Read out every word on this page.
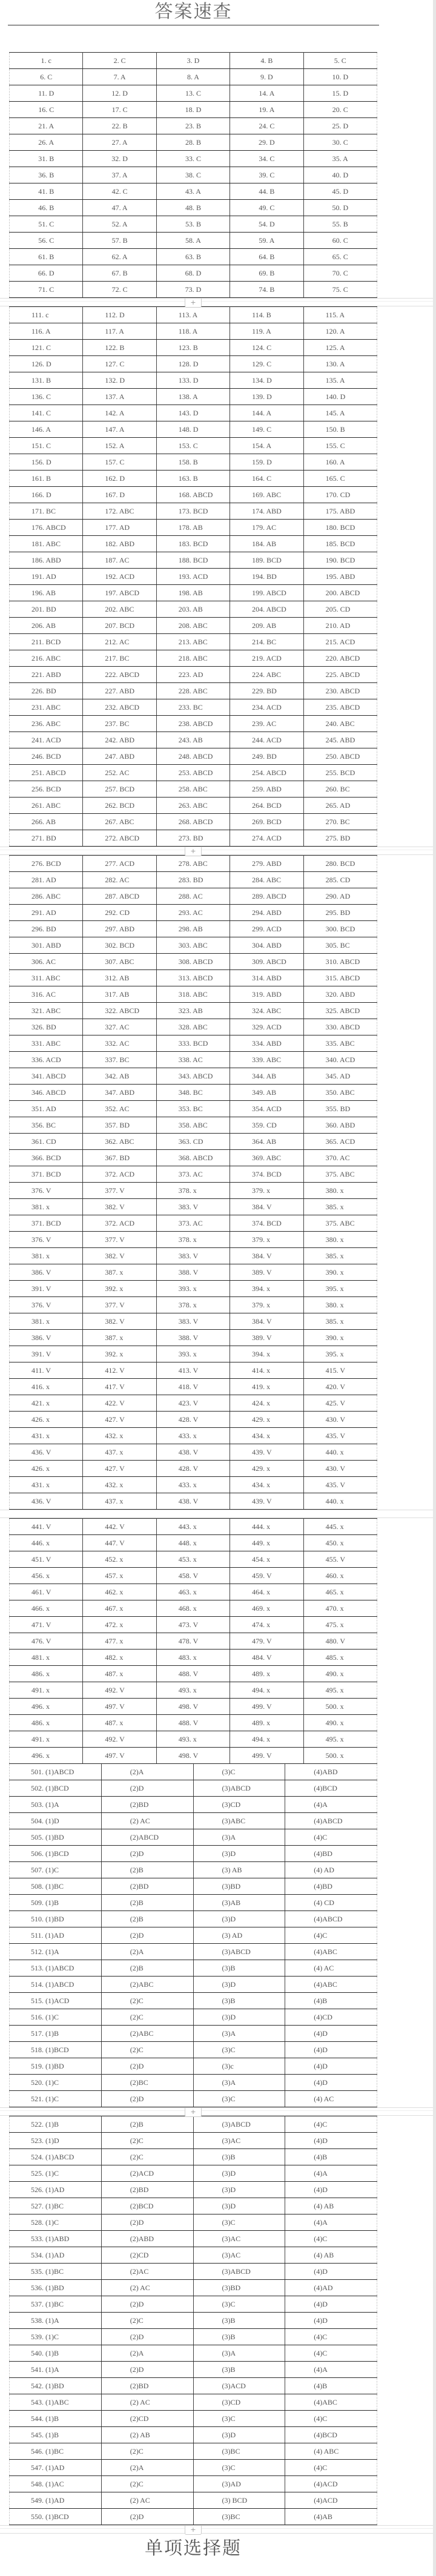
答案速查
1. c	2. C	3. D	4. B	5. C
6. C	7. A	8. A	9. D	10. D
11. D	12. D	13. C	14. A	15. D
16. C	17. C	18. D	19. A	20. C
21. A	22. B	23. B	24. C	25. D
26. A	27. A	28. B	29. D	30. C
31. B	32. D	33. C	34. C	35. A
36. B	37. A	38. C	39. C	40. D
41. B	42. C	43. A	44. B	45. D
46. B	47. A	48. B	49. C	50. D
51. C	52. A	53. B	54. D	55. B
56. C	57. B	58. A	59. A	60. C
61. B	62. A	63. B	64. B	65. C
66. D	67. B	68. D	69. B	70. C
71. C	72. C	73. D	74. B	75. C
+
111. c	112. D	113. A	114. B	115. A
116. A	117. A	118. A	119. A	120. A
121. C	122. B	123. B	124. C	125. A
126. D	127. C	128. D	129. C	130. A
131. B	132. D	133. D	134. D	135. A
136. C	137. A	138. A	139. D	140. D
141. C	142. A	143. D	144. A	145. A
146. A	147. A	148. D	149. C	150. B
151. C	152. A	153. C	154. A	155. C
156. D	157. C	158. B	159. D	160. A
161. B	162. D	163. B	164. C	165. C
166. D	167. D	168. ABCD	169. ABC	170. CD
171. BC	172. ABC	173. BCD	174. ABD	175. ABD
176. ABCD	177. AD	178. AB	179. AC	180. BCD
181. ABC	182. ABD	183. BCD	184. AB	185. BCD
186. ABD	187. AC	188. BCD	189. BCD	190. BCD
191. AD	192. ACD	193. ACD	194. BD	195. ABD
196. AB	197. ABCD	198. AB	199. ABCD	200. ABCD
201. BD	202. ABC	203. AB	204. ABCD	205. CD
206. AB	207. BCD	208. ABC	209. AB	210. AD
211. BCD	212. AC	213. ABC	214. BC	215. ACD
216. ABC	217. BC	218. ABC	219. ACD	220. ABCD
221. ABD	222. ABCD	223. AD	224. ABC	225. ABCD
226. BD	227. ABD	228. ABC	229. BD	230. ABCD
231. ABC	232. ABCD	233. BC	234. ACD	235. ABCD
236. ABC	237. BC	238. ABCD	239. AC	240. ABC
241. ACD	242. ABD	243. AB	244. ACD	245. ABD
246. BCD	247. ABD	248. ABCD	249. BD	250. ABCD
251. ABCD	252. AC	253. ABCD	254. ABCD	255. BCD
256. BCD	257. BCD	258. ABC	259. ABD	260. BC
261. ABC	262. BCD	263. ABC	264. BCD	265. AD
266. AB	267. ABC	268. ABCD	269. BCD	270. BC
271. BD	272. ABCD	273. BD	274. ACD	275. BD
+
276. BCD	277. ACD	278. ABC	279. ABD	280. BCD
281. AD	282. AC	283. BD	284. ABC	285. CD
286. ABC	287. ABCD	288. AC	289. ABCD	290. AD
291. AD	292. CD	293. AC	294. ABD	295. BD
296. BD	297. ABD	298. AB	299. ACD	300. BCD
301. ABD	302. BCD	303. ABC	304. ABD	305. BC
306. AC	307. ABC	308. ABCD	309. ABCD	310. ABCD
311. ABC	312. AB	313. ABCD	314. ABD	315. ABCD
316. AC	317. AB	318. ABC	319. ABD	320. ABD
321. ABC	322. ABCD	323. AB	324. ABC	325. ABCD
326. BD	327. AC	328. ABC	329. ACD	330. ABCD
331. ABC	332. AC	333. BCD	334. ABD	335. ABC
336. ACD	337. BC	338. AC	339. ABC	340. ACD
341. ABCD	342. AB	343. ABCD	344. AB	345. AD
346. ABCD	347. ABD	348. BC	349. AB	350. ABC
351. AD	352. AC	353. BC	354. ACD	355. BD
356. BC	357. BD	358. ABC	359. CD	360. ABD
361. CD	362. ABC	363. CD	364. AB	365. ACD
366. BCD	367. BD	368. ABCD	369. ABC	370. AC
371. BCD	372. ACD	373. AC	374. BCD	375. ABC
376. V	377. V	378. x	379. x	380. x
381. x	382. V	383. V	384. V	385. x
371. BCD	372. ACD	373. AC	374. BCD	375. ABC
376. V	377. V	378. x	379. x	380. x
381. x	382. V	383. V	384. V	385. x
386. V	387. x	388. V	389. V	390. x
391. V	392. x	393. x	394. x	395. x
376. V	377. V	378. x	379. x	380. x
381. x	382. V	383. V	384. V	385. x
386. V	387. x	388. V	389. V	390. x
391. V	392. x	393. x	394. x	395. x
411. V	412. V	413. V	414. x	415. V
416. x	417. V	418. V	419. x	420. V
421. x	422. V	423. V	424. x	425. V
426. x	427. V	428. V	429. x	430. V
431. x	432. x	433. x	434. x	435. V
436. V	437. x	438. V	439. V	440. x
426. x	427. V	428. V	429. x	430. V
431. x	432. x	433. x	434. x	435. V
436. V	437. x	438. V	439. V	440. x
441. V	442. V	443. x	444. x	445. x
446. x	447. V	448. x	449. x	450. x
451. V	452. x	453. x	454. x	455. V
456. x	457. x	458. V	459. V	460. x
461. V	462. x	463. x	464. x	465. x
466. x	467. x	468. x	469. x	470. x
471. V	472. x	473. V	474. x	475. x
476. V	477. x	478. V	479. V	480. V
481. x	482. x	483. x	484. V	485. x
486. x	487. x	488. V	489. x	490. x
491. x	492. V	493. x	494. x	495. x
496. x	497. V	498. V	499. V	500. x
486. x	487. x	488. V	489. x	490. x
491. x	492. V	493. x	494. x	495. x
496. x	497. V	498. V	499. V	500. x
501. (1)ABCD	(2)A	(3)C	(4)ABD
502. (1)BCD	(2)D	(3)ABCD	(4)BCD
503. (1)A	(2)BD	(3)CD	(4)A
504. (1)D	(2) AC	(3)ABC	(4)ABCD
505. (1)BD	(2)ABCD	(3)A	(4)C
506. (1)BCD	(2)D	(3)D	(4)BD
507. (1)C	(2)B	(3) AB	(4) AD
508. (1)BC	(2)BD	(3)BD	(4)BD
509. (1)B	(2)B	(3)AB	(4) CD
510. (1)BD	(2)B	(3)D	(4)ABCD
511. (1)AD	(2)D	(3) AD	(4)C
512. (1)A	(2)A	(3)ABCD	(4)ABC
513. (1)ABCD	(2)B	(3)B	(4) AC
514. (1)ABCD	(2)ABC	(3)D	(4)ABC
515. (1)ACD	(2)C	(3)B	(4)B
516. (1)C	(2)C	(3)D	(4)CD
517. (1)B	(2)ABC	(3)A	(4)D
518. (1)BCD	(2)C	(3)C	(4)D
519. (1)BD	(2)D	(3)c	(4)D
520. (1)C	(2)BC	(3)A	(4)D
521. (1)C	(2)D	(3)C	(4) AC
+
522. (1)B	(2)B	(3)ABCD	(4)C
523. (1)D	(2)C	(3)AC	(4)D
524. (1)ABCD	(2)C	(3)B	(4)B
525. (1)C	(2)ACD	(3)D	(4)A
526. (1)AD	(2)BD	(3)D	(4)D
527. (1)BC	(2)BCD	(3)D	(4) AB
528. (1)C	(2)D	(3)C	(4)A
533. (1)ABD	(2)ABD	(3)AC	(4)C
534. (1)AD	(2)CD	(3)AC	(4) AB
535. (1)BC	(2)AC	(3)ABCD	(4)D
536. (1)BD	(2) AC	(3)BD	(4)AD
537. (1)BC	(2)D	(3)C	(4)D
538. (1)A	(2)C	(3)B	(4)D
539. (1)C	(2)D	(3)B	(4)C
540. (1)B	(2)A	(3)A	(4)C
541. (1)A	(2)D	(3)B	(4)A
542. (1)BD	(2)BD	(3)ACD	(4)B
543. (1)ABC	(2) AC	(3)CD	(4)ABC
544. (1)B	(2)CD	(3)C	(4)C
545. (1)B	(2) AB	(3)D	(4)BCD
546. (1)BC	(2)C	(3)BC	(4) ABC
547. (1)AD	(2)A	(3)C	(4)C
548. (1)AC	(2)C	(3)AD	(4)ACD
549. (1)AD	(2) AC	(3) BCD	(4)ACD
550. (1)BCD	(2)D	(3)BC	(4)AB
+
单项选择题
